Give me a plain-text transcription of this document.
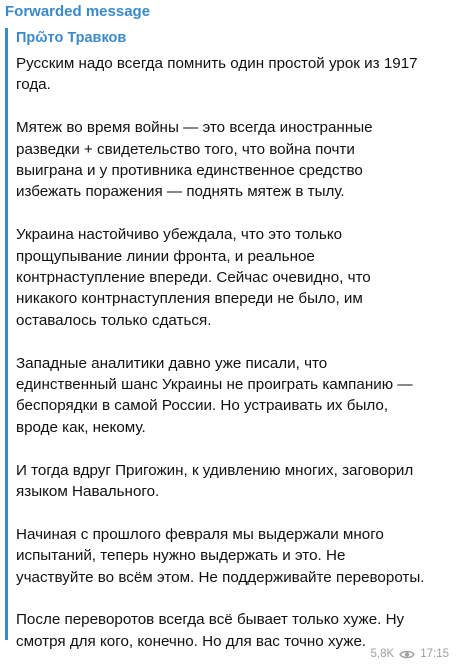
Forwarded message
Прῶто Травков

Русским надо всегда помнить один простой урок из 1917
года.

Мятеж во время войны — это всегда иностранные
разведки + свидетельство того, что война почти
выиграна и у противника единственное средство
избежать поражения — поднять мятеж в тылу.

Украина настойчиво убеждала, что это только
прощупывание линии фронта, и реальное
контрнаступление впереди. Сейчас очевидно, что
никакого контрнаступления впереди не было, им
оставалось только сдаться.

Западные аналитики давно уже писали, что
единственный шанс Украины не проиграть кампанию —
беспорядки в самой России. Но устраивать их было,
вроде как, некому.

И тогда вдруг Пригожин, к удивлению многих, заговорил
языком Навального.

Начиная с прошлого февраля мы выдержали много
испытаний, теперь нужно выдержать и это. Не
участвуйте во всём этом. Не поддерживайте перевороты.

После переворотов всегда всё бывает только хуже. Ну
смотря для кого, конечно. Но для вас точно хуже.

5,8K 17:15
